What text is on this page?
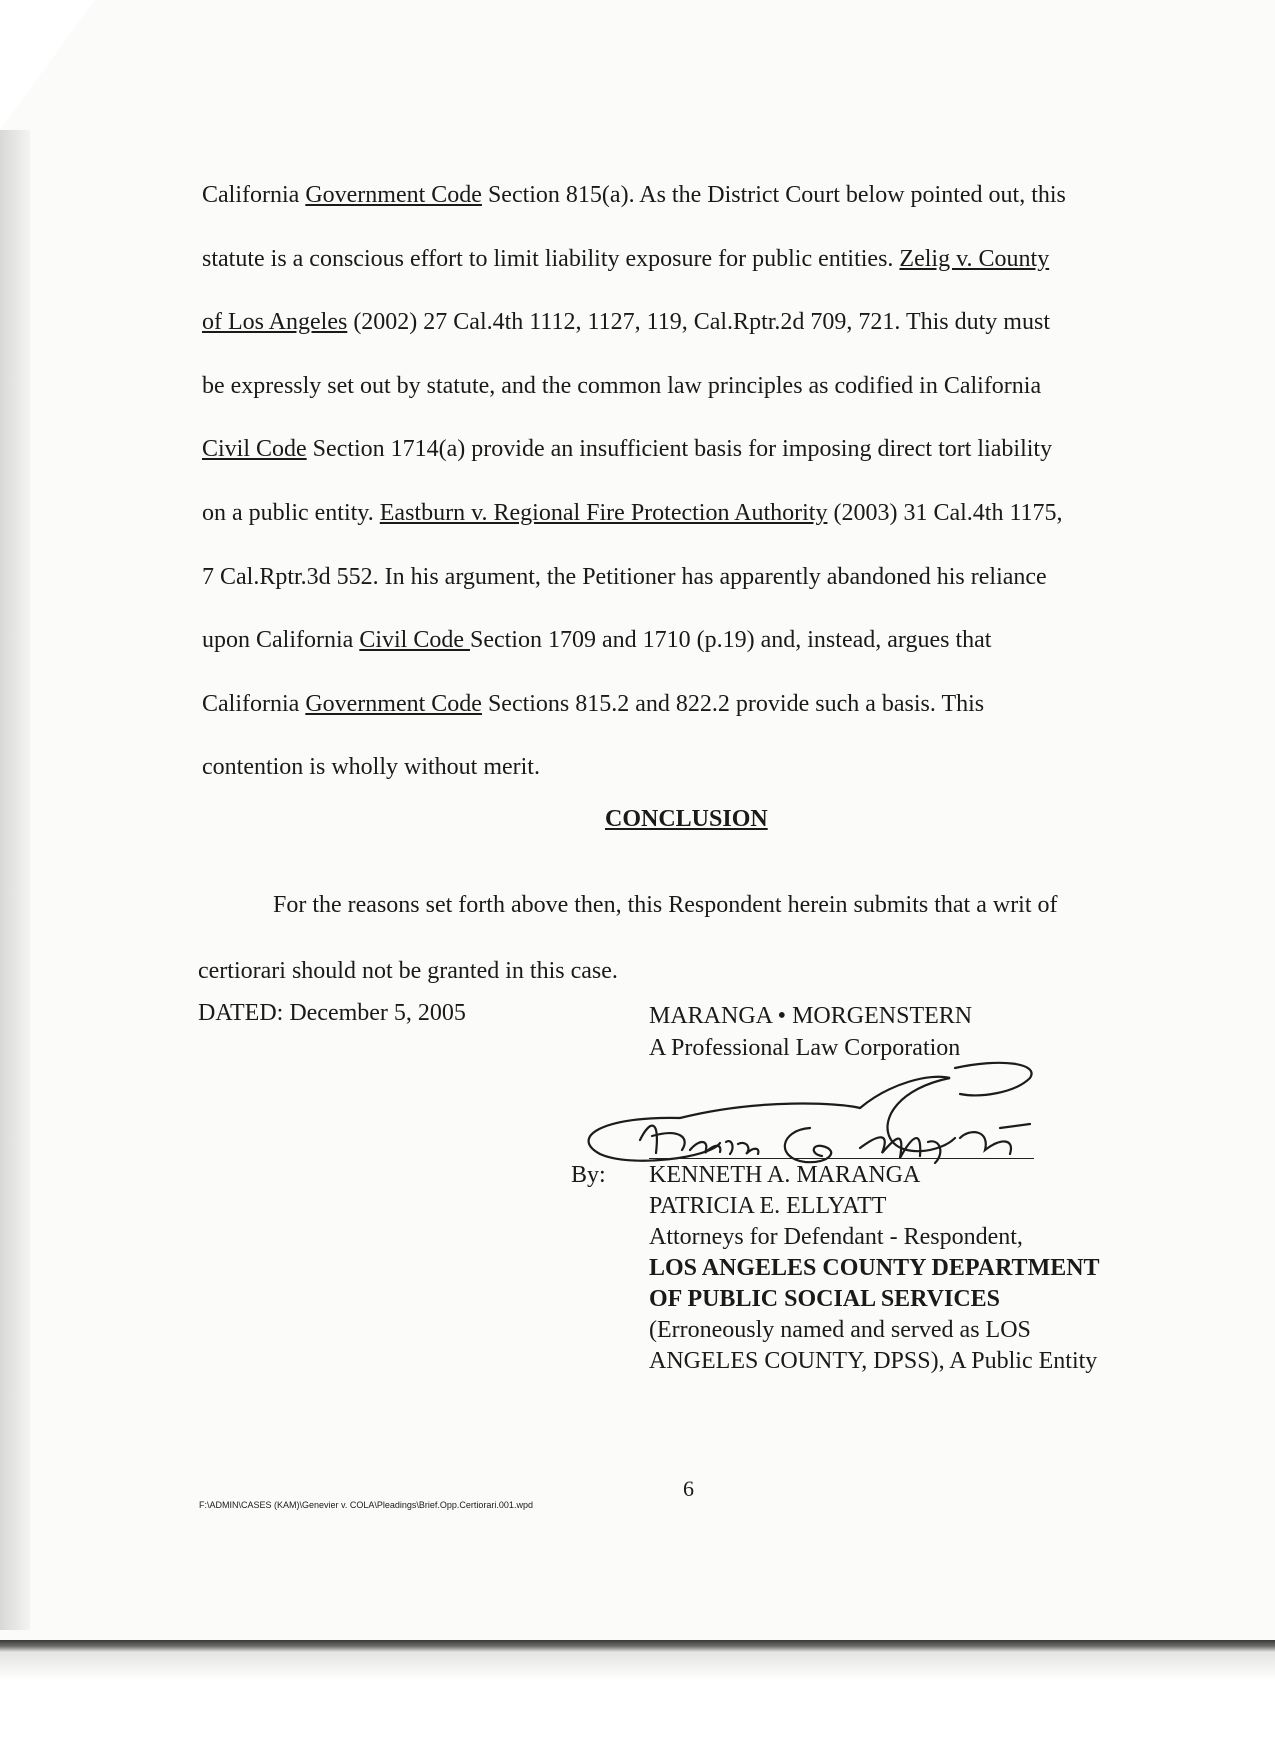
California Government Code Section 815(a). As the District Court below pointed out, this
statute is a conscious effort to limit liability exposure for public entities. Zelig v. County
of Los Angeles (2002) 27 Cal.4th 1112, 1127, 119, Cal.Rptr.2d 709, 721. This duty must
be expressly set out by statute, and the common law principles as codified in California
Civil Code Section 1714(a) provide an insufficient basis for imposing direct tort liability
on a public entity. Eastburn v. Regional Fire Protection Authority (2003) 31 Cal.4th 1175,
7 Cal.Rptr.3d 552. In his argument, the Petitioner has apparently abandoned his reliance
upon California Civil Code Section 1709 and 1710 (p.19) and, instead, argues that
California Government Code Sections 815.2 and 822.2 provide such a basis. This
contention is wholly without merit.
CONCLUSION
For the reasons set forth above then, this Respondent herein submits that a writ of
certiorari should not be granted in this case.
DATED: December 5, 2005	MARANGA • MORGENSTERN
A Professional Law Corporation
By: KENNETH A. MARANGA
PATRICIA E. ELLYATT
Attorneys for Defendant - Respondent,
LOS ANGELES COUNTY DEPARTMENT
OF PUBLIC SOCIAL SERVICES
(Erroneously named and served as LOS
ANGELES COUNTY, DPSS), A Public Entity
6
F:\ADMIN\CASES (KAM)\Genevier v. COLA\Pleadings\Brief.Opp.Certiorari.001.wpd
